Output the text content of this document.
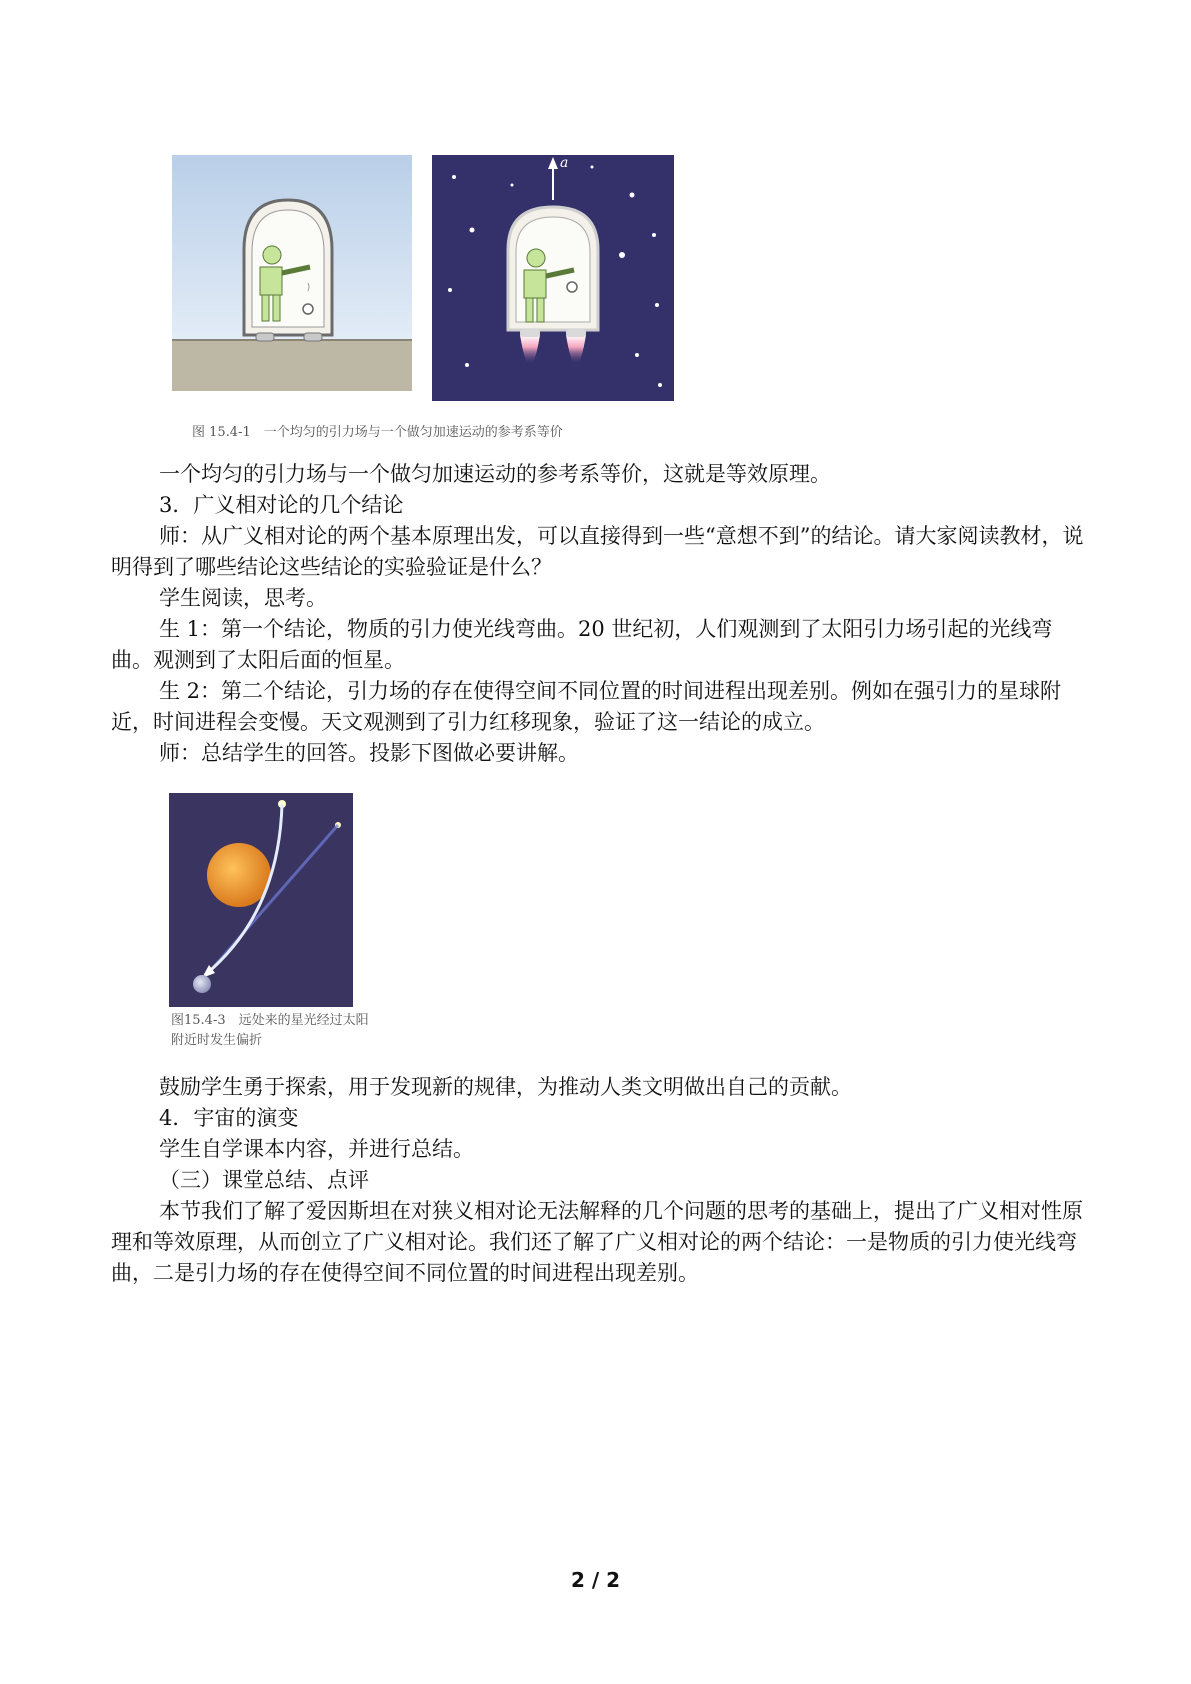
a
图 15.4-1　一个均匀的引力场与一个做匀加速运动的参考系等价

一个均匀的引力场与一个做匀加速运动的参考系等价，这就是等效原理。

3．广义相对论的几个结论

师：从广义相对论的两个基本原理出发，可以直接得到一些“意想不到”的结论。请大家阅读教材，说明得到了哪些结论这些结论的实验验证是什么？

学生阅读，思考。

生 1：第一个结论，物质的引力使光线弯曲。20 世纪初，人们观测到了太阳引力场引起的光线弯曲。观测到了太阳后面的恒星。

生 2：第二个结论，引力场的存在使得空间不同位置的时间进程出现差别。例如在强引力的星球附近，时间进程会变慢。天文观测到了引力红移现象，验证了这一结论的成立。

师：总结学生的回答。投影下图做必要讲解。

图15.4-3　远处来的星光经过太阳
附近时发生偏折

鼓励学生勇于探索，用于发现新的规律，为推动人类文明做出自己的贡献。

4．宇宙的演变

学生自学课本内容，并进行总结。

（三）课堂总结、点评

本节我们了解了爱因斯坦在对狭义相对论无法解释的几个问题的思考的基础上，提出了广义相对性原理和等效原理，从而创立了广义相对论。我们还了解了广义相对论的两个结论：一是物质的引力使光线弯曲，二是引力场的存在使得空间不同位置的时间进程出现差别。

2 / 2
